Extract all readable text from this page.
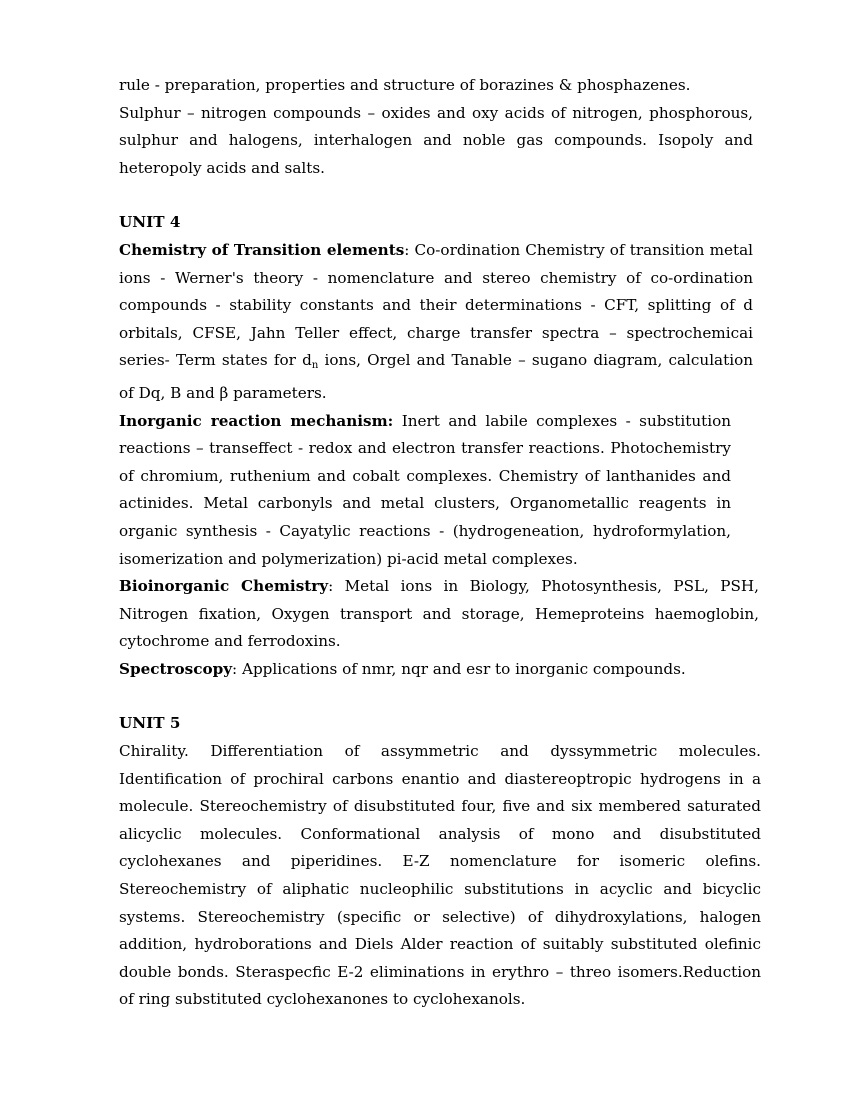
rule - preparation, properties and structure of borazines & phosphazenes.

Sulphur – nitrogen compounds – oxides and oxy acids of nitrogen, phosphorous, sulphur and halogens, interhalogen and noble gas compounds. Isopoly and heteropoly acids and salts.

UNIT 4

Chemistry of Transition elements: Co-ordination Chemistry of transition metal ions - Werner's theory - nomenclature and stereo chemistry of co-ordination compounds - stability constants and their determinations - CFT, splitting of d orbitals, CFSE, Jahn Teller effect, charge transfer spectra – spectrochemicai series- Term states for $d_n$ ions, Orgel and Tanable – sugano diagram, calculation of Dq, B and β parameters.

Inorganic reaction mechanism: Inert and labile complexes - substitution reactions – transeffect - redox and electron transfer reactions. Photochemistry of chromium, ruthenium and cobalt complexes. Chemistry of lanthanides and actinides. Metal carbonyls and metal clusters, Organometallic reagents in organic synthesis - Cayatylic reactions - (hydrogeneation, hydroformylation, isomerization and polymerization) pi-acid metal complexes.

Bioinorganic Chemistry: Metal ions in Biology, Photosynthesis, PSL, PSH, Nitrogen fixation, Oxygen transport and storage, Hemeproteins haemoglobin, cytochrome and ferrodoxins.

Spectroscopy: Applications of nmr, nqr and esr to inorganic compounds.

UNIT 5

Chirality. Differentiation of assymmetric and dyssymmetric molecules. Identification of prochiral carbons enantio and diastereoptropic hydrogens in a molecule. Stereochemistry of disubstituted four, five and six membered saturated alicyclic molecules. Conformational analysis of mono and disubstituted cyclohexanes and piperidines. E-Z nomenclature for isomeric olefins. Stereochemistry of aliphatic nucleophilic substitutions in acyclic and bicyclic systems. Stereochemistry (specific or selective) of dihydroxylations, halogen addition, hydroborations and Diels Alder reaction of suitably substituted olefinic double bonds. Steraspecfic E-2 eliminations in erythro – threo isomers.Reduction of ring substituted cyclohexanones to cyclohexanols.
